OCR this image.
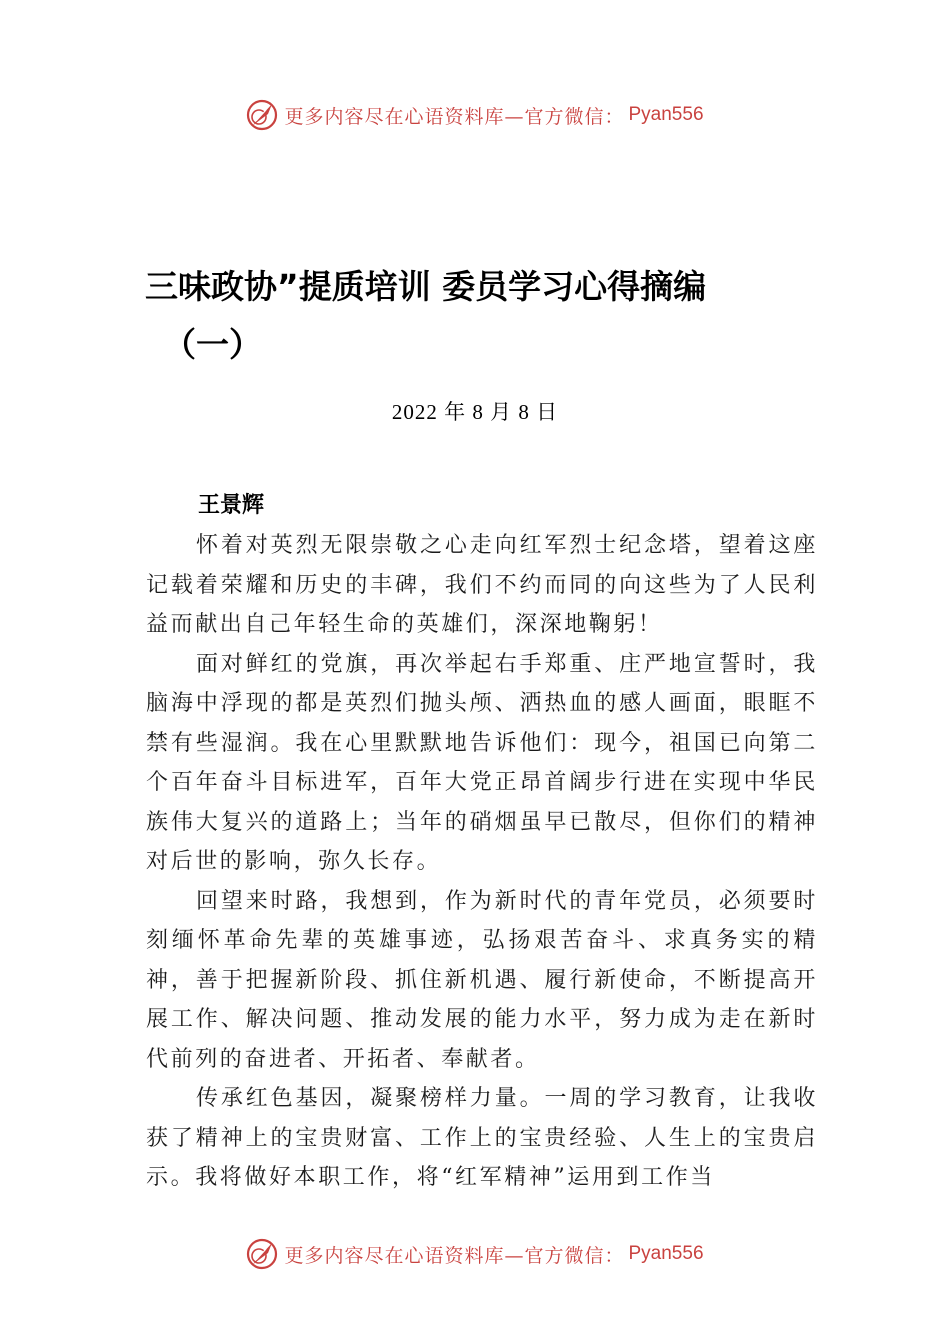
更多内容尽在心语资料库—官方微信： Pyan556
三味政协”提质培训 委员学习心得摘编
（一）
2022 年 8 月 8 日
王景辉

怀着对英烈无限崇敬之心走向红军烈士纪念塔，望着这座记载着荣耀和历史的丰碑，我们不约而同的向这些为了人民利益而献出自己年轻生命的英雄们，深深地鞠躬！

面对鲜红的党旗，再次举起右手郑重、庄严地宣誓时，我脑海中浮现的都是英烈们抛头颅、洒热血的感人画面，眼眶不禁有些湿润。我在心里默默地告诉他们：现今，祖国已向第二个百年奋斗目标进军，百年大党正昂首阔步行进在实现中华民族伟大复兴的道路上；当年的硝烟虽早已散尽，但你们的精神对后世的影响，弥久长存。

回望来时路，我想到，作为新时代的青年党员，必须要时刻缅怀革命先辈的英雄事迹，弘扬艰苦奋斗、求真务实的精神，善于把握新阶段、抓住新机遇、履行新使命，不断提高开展工作、解决问题、推动发展的能力水平，努力成为走在新时代前列的奋进者、开拓者、奉献者。

传承红色基因，凝聚榜样力量。一周的学习教育，让我收获了精神上的宝贵财富、工作上的宝贵经验、人生上的宝贵启示。我将做好本职工作，将“红军精神”运用到工作当

更多内容尽在心语资料库—官方微信： Pyan556
